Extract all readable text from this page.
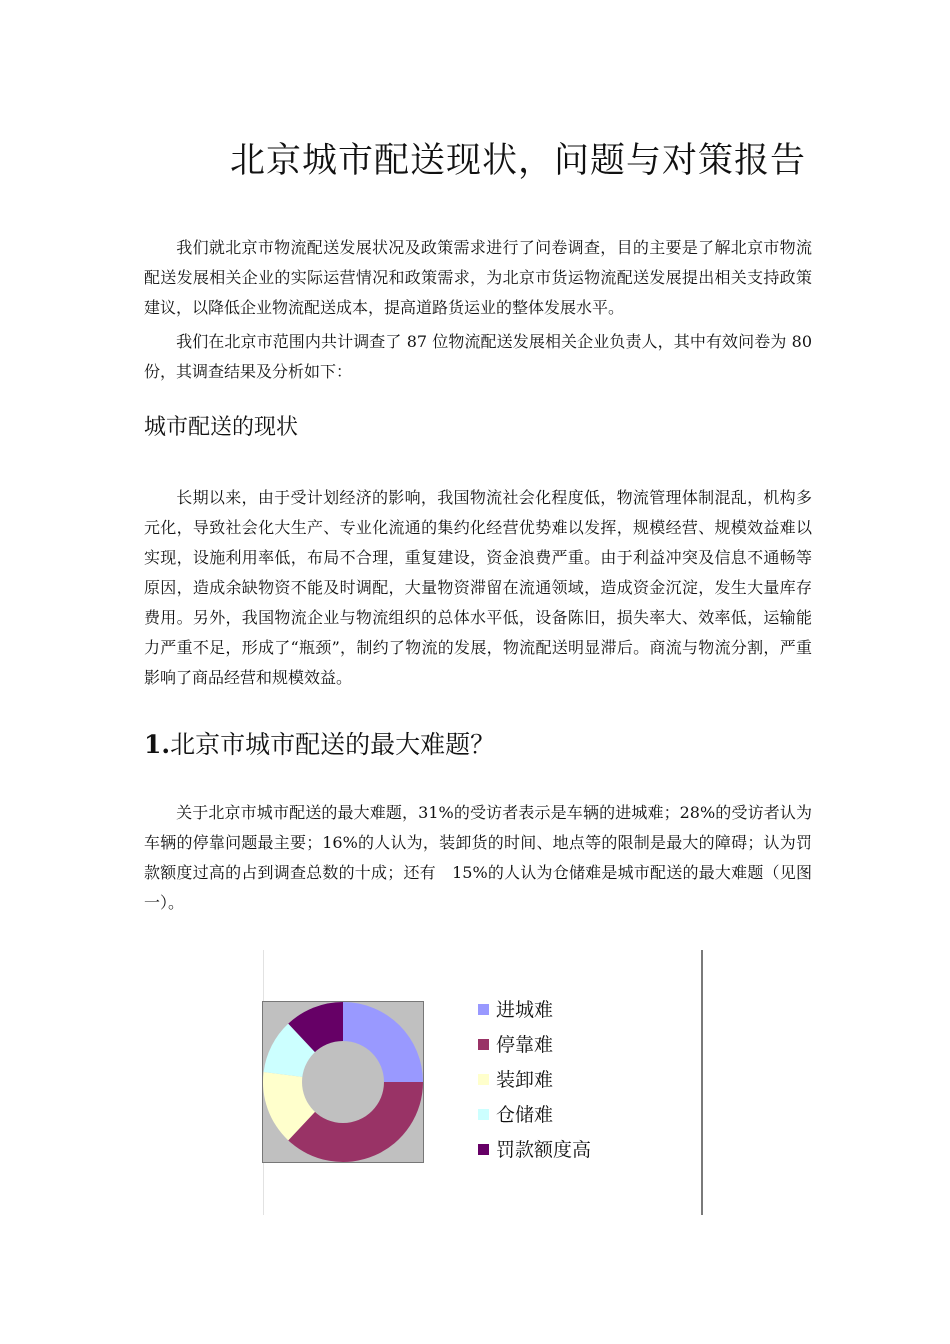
北京城市配送现状，问题与对策报告

我们就北京市物流配送发展状况及政策需求进行了问卷调查，目的主要是了解北京市物流配送发展相关企业的实际运营情况和政策需求，为北京市货运物流配送发展提出相关支持政策建议，以降低企业物流配送成本，提高道路货运业的整体发展水平。

我们在北京市范围内共计调查了 87 位物流配送发展相关企业负责人，其中有效问卷为 80 份，其调查结果及分析如下：

城市配送的现状

长期以来，由于受计划经济的影响，我国物流社会化程度低，物流管理体制混乱，机构多元化，导致社会化大生产、专业化流通的集约化经营优势难以发挥，规模经营、规模效益难以实现，设施利用率低，布局不合理，重复建设，资金浪费严重。由于利益冲突及信息不通畅等原因，造成余缺物资不能及时调配，大量物资滞留在流通领域，造成资金沉淀，发生大量库存费用。另外，我国物流企业与物流组织的总体水平低，设备陈旧，损失率大、效率低，运输能力严重不足，形成了“瓶颈”，制约了物流的发展，物流配送明显滞后。商流与物流分割，严重影响了商品经营和规模效益。

1.北京市城市配送的最大难题？

关于北京市城市配送的最大难题，31%的受访者表示是车辆的进城难；28%的受访者认为车辆的停靠问题最主要；16%的人认为，装卸货的时间、地点等的限制是最大的障碍；认为罚款额度过高的占到调查总数的十成；还有　15%的人认为仓储难是城市配送的最大难题（见图一）。

进城难
停靠难
装卸难
仓储难
罚款额度高
